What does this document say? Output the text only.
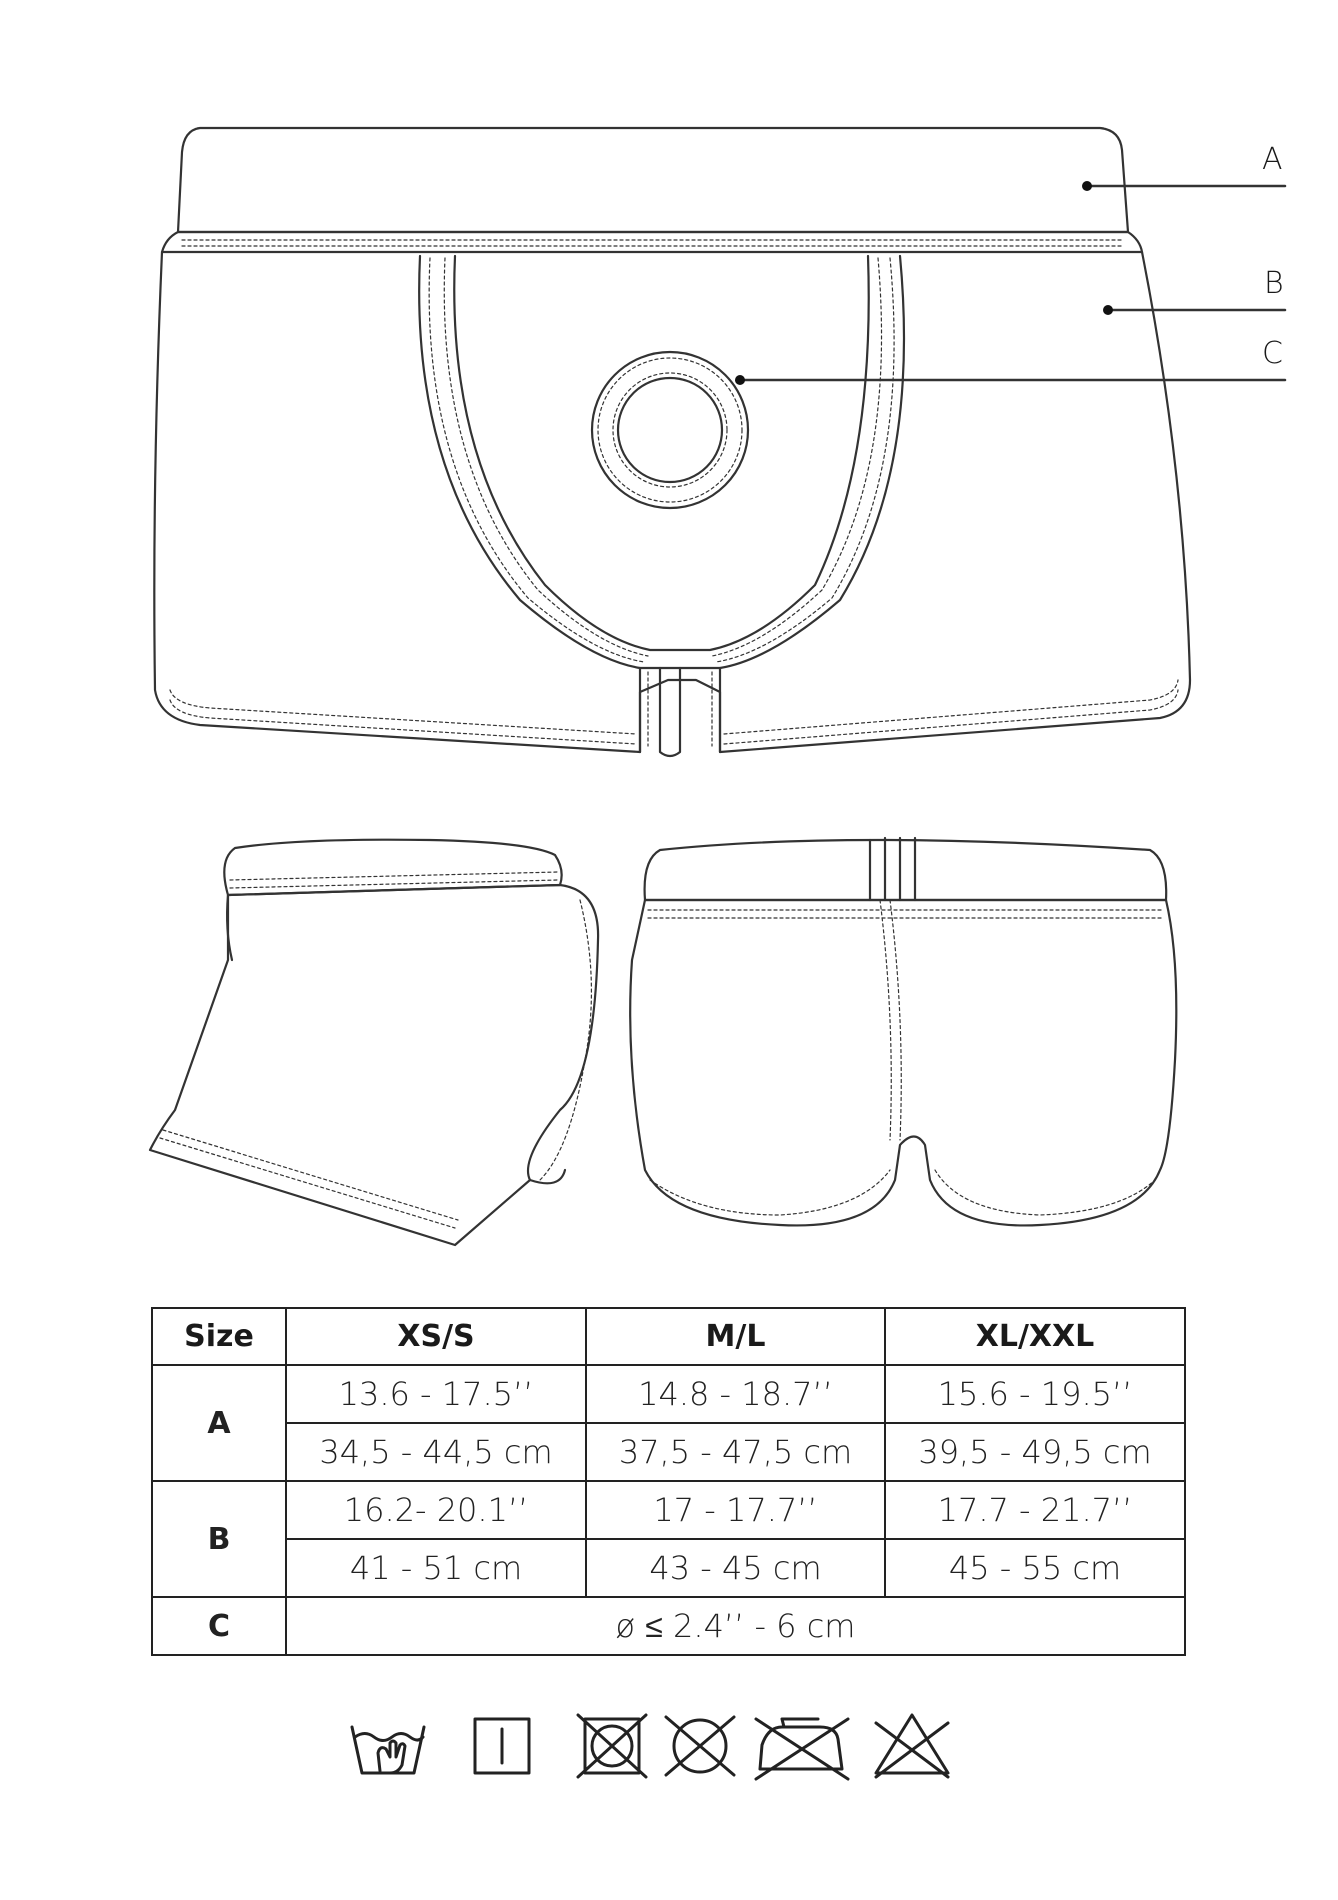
A
B
C
Size	XS/S	M/L	XL/XXL
A	13.6 - 17.5’’	14.8 - 18.7’’	15.6 - 19.5’’
	34,5 - 44,5 cm	37,5 - 47,5 cm	39,5 - 49,5 cm
B	16.2- 20.1’’	17 - 17.7’’	17.7 - 21.7’’
	41 - 51 cm	43 - 45 cm	45 - 55 cm
C	ø ≤ 2.4’’ - 6 cm		
